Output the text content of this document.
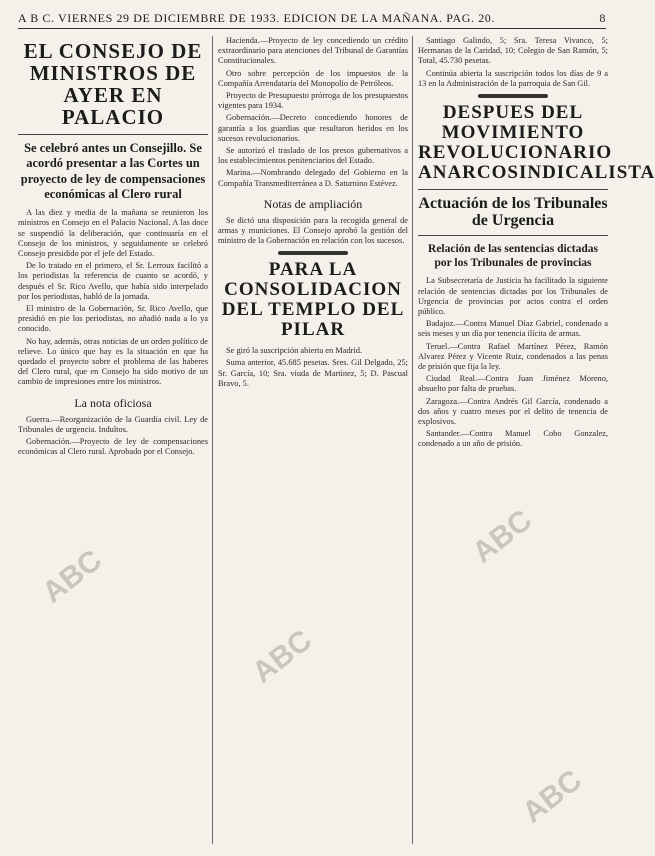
A B C. VIERNES 29 DE DICIEMBRE DE 1933. EDICION DE LA MAÑANA. PAG. 20.	8
EL CONSEJO DE MINISTROS DE AYER EN PALACIO
Se celebró antes un Consejillo. Se acordó presentar a las Cortes un proyecto de ley de compensaciones económicas al Clero rural

A las diez y media de la mañana se reunieron los ministros en Consejo en el Palacio Nacional. A las doce se suspendió la deliberación, que continuaría en el Consejo de los ministros, y seguidamente se celebró Consejo presidido por el jefe del Estado.

De lo tratado en el primero, el Sr. Lerroux facilitó a los periodistas la referencia de cuanto se acordó, y después el Sr. Rico Avello, que había sido interpelado por los periodistas, habló de la jornada.

El ministro de la Gobernación, Sr. Rico Avello, que presidió en pie los periodistas, no añadió nada a lo ya conocido.

No hay, además, otras noticias de un orden político de relieve. Lo único que hay es la situación en que ha quedado el proyecto sobre el problema de las haberes del Clero rural, que en Consejo ha sido motivo de un cambio de impresiones entre los ministros.

La nota oficiosa

Guerra.—Reorganización de la Guardia civil. Ley de Tribunales de urgencia. Indultos.

Gobernación.—Proyecto de ley de compensaciones económicas al Clero rural. Aprobado por el Consejo.

Hacienda.—Proyecto de ley concediendo un crédito extraordinario para atenciones del Tribunal de Garantías Constitucionales.

Otro sobre percepción de los impuestos de la Compañía Arrendataria del Monopolio de Petróleos.

Proyecto de Presupuesto prórroga de los presupuestos vigentes para 1934.

Gobernación.—Decreto concediendo honores de garantía a los guardias que resultaron heridos en los sucesos revolucionarios.

Se autorizó el traslado de los presos gubernativos a los establecimientos penitenciarios del Estado.

Marina.—Nombrando delegado del Gobierno en la Compañía Transmediterránea a D. Saturnino Estévez.

Notas de ampliación

Se dictó una disposición para la recogida general de armas y municiones. El Consejo aprobó la gestión del ministro de la Gobernación en relación con los sucesos.

PARA LA CONSOLIDACION DEL TEMPLO DEL PILAR

Se giró la suscripción abierta en Madrid.

Suma anterior, 45.685 pesetas. Sres. Gil Delgado, 25; Sr. García, 10; Sra. viuda de Martínez, 5; D. Pascual Bravo, 5.

Santiago Galindo, 5; Sra. Teresa Vivanco, 5; Hermanas de la Caridad, 10; Colegio de San Ramón, 5; Total, 45.730 pesetas.

Continúa abierta la suscripción todos los días de 9 a 13 en la Administración de la parroquia de San Gil.

DESPUES DEL MOVIMIENTO REVOLUCIONARIO ANARCOSINDICALISTA
Actuación de los Tribunales de Urgencia
Relación de las sentencias dictadas por los Tribunales de provincias

La Subsecretaría de Justicia ha facilitado la siguiente relación de sentencias dictadas por los Tribunales de Urgencia de provincias por actos contra el orden público.

Badajoz.—Contra Manuel Díaz Gabriel, condenado a seis meses y un día por tenencia ilícita de armas.

Teruel.—Contra Rafael Martínez Pérez, Ramón Alvarez Pérez y Vicente Ruiz, condenados a las penas de prisión que fija la ley.

Ciudad Real.—Contra Juan Jiménez Moreno, absuelto por falta de pruebas.

Zaragoza.—Contra Andrés Gil García, condenado a dos años y cuatro meses por el delito de tenencia de explosivos.

Santander.—Contra Manuel Cobo Gonzalez, condenado a un año de prisión.

ABC
ABC
ABC
ABC
